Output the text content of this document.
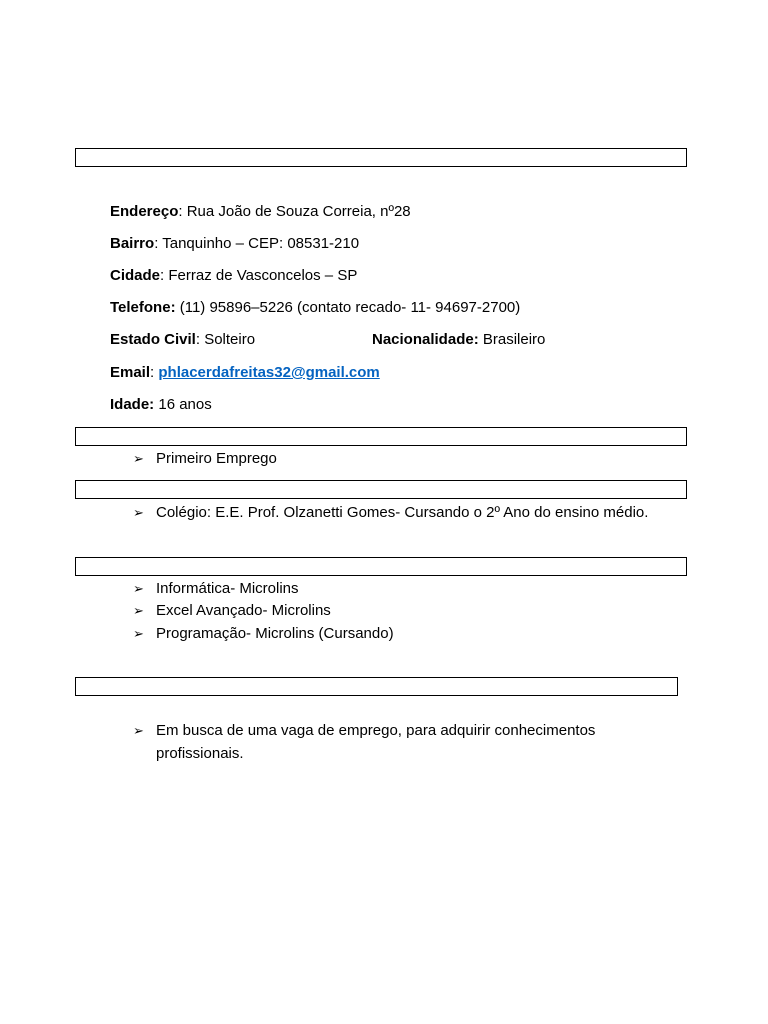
Endereço: Rua João de Souza Correia, nº28
Bairro: Tanquinho – CEP: 08531-210
Cidade: Ferraz de Vasconcelos – SP
Telefone: (11) 95896–5226 (contato recado- 11- 94697-2700)
Estado Civil: Solteiro	Nacionalidade: Brasileiro
Email: phlacerdafreitas32@gmail.com
Idade: 16 anos
➢ Primeiro Emprego
➢ Colégio: E.E. Prof. Olzanetti Gomes- Cursando o 2º Ano do ensino médio.
➢ Informática- Microlins
➢ Excel Avançado- Microlins
➢ Programação- Microlins (Cursando)
➢ Em busca de uma vaga de emprego, para adquirir conhecimentos profissionais.
